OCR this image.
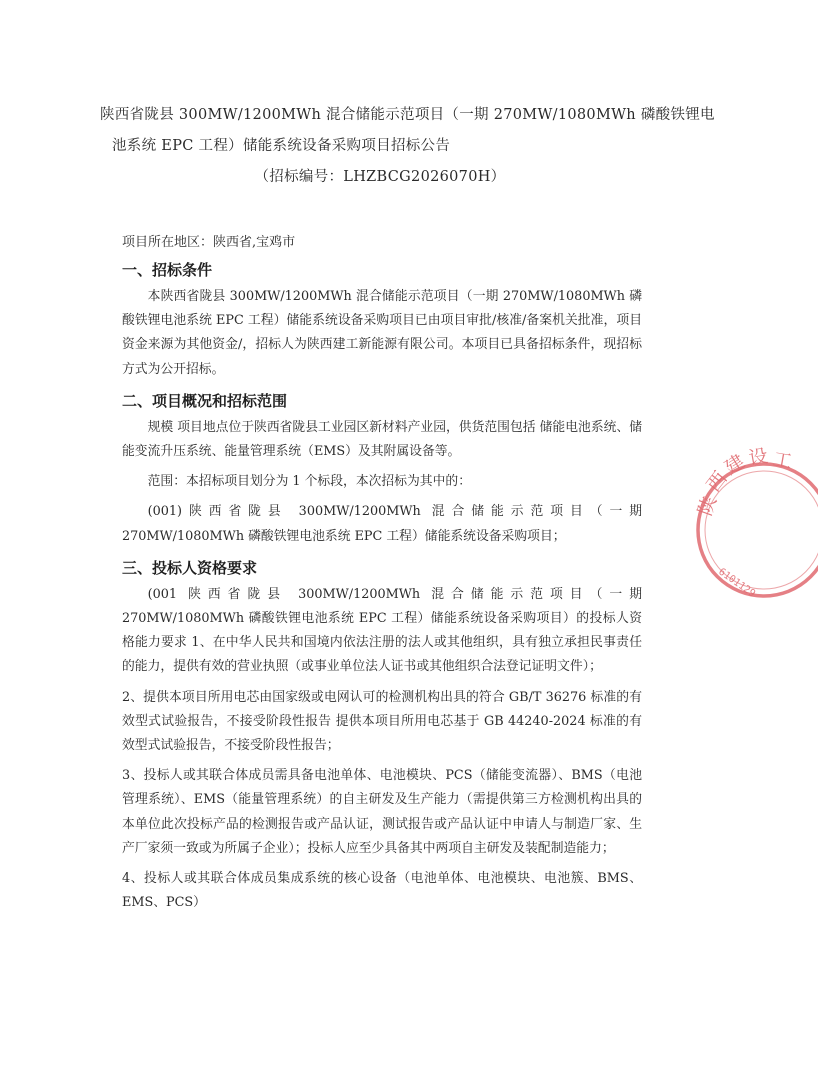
陕西省陇县 300MW/1200MWh 混合储能示范项目（一期 270MW/1080MWh 磷酸铁锂电
池系统 EPC 工程）储能系统设备采购项目招标公告
（招标编号：LHZBCG2026070H）
项目所在地区：陕西省,宝鸡市
一、招标条件

本陕西省陇县 300MW/1200MWh 混合储能示范项目（一期 270MW/1080MWh 磷酸铁锂电池系统 EPC 工程）储能系统设备采购项目已由项目审批/核准/备案机关批准，项目资金来源为其他资金/，招标人为陕西建工新能源有限公司。本项目已具备招标条件，现招标方式为公开招标。

二、项目概况和招标范围

规模 项目地点位于陕西省陇县工业园区新材料产业园，供货范围包括 储能电池系统、储能变流升压系统、能量管理系统（EMS）及其附属设备等。

范围：本招标项目划分为 1 个标段，本次招标为其中的：

(001)陕西省陇县 300MW/1200MWh 混合储能示范项目（一期 270MW/1080MWh 磷酸铁锂电池系统 EPC 工程）储能系统设备采购项目；

三、投标人资格要求

(001 陕西省陇县 300MW/1200MWh 混合储能示范项目（一期 270MW/1080MWh 磷酸铁锂电池系统 EPC 工程）储能系统设备采购项目）的投标人资格能力要求 1、在中华人民共和国境内依法注册的法人或其他组织，具有独立承担民事责任的能力，提供有效的营业执照（或事业单位法人证书或其他组织合法登记证明文件）；

2、提供本项目所用电芯由国家级或电网认可的检测机构出具的符合 GB/T 36276 标准的有效型式试验报告，不接受阶段性报告 提供本项目所用电芯基于 GB 44240-2024 标准的有效型式试验报告，不接受阶段性报告；

3、投标人或其联合体成员需具备电池单体、电池模块、PCS（储能变流器）、BMS（电池管理系统）、EMS（能量管理系统）的自主研发及生产能力（需提供第三方检测机构出具的本单位此次投标产品的检测报告或产品认证，测试报告或产品认证中申请人与制造厂家、生产厂家须一致或为所属子企业）；投标人应至少具备其中两项自主研发及装配制造能力；

4、投标人或其联合体成员集成系统的核心设备（电池单体、电池模块、电池簇、BMS、EMS、PCS）

陕
西
建
设 工
6101129
